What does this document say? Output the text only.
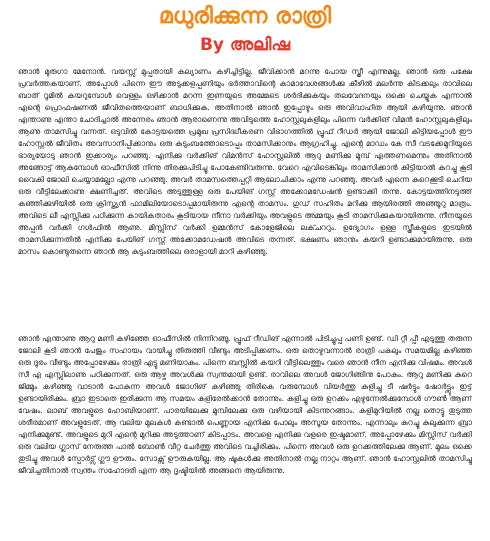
മധുരിക്കുന്ന രാത്രി
By അലിഷ

ഞാൻ മുരുഗാ മേനോൻ. വയസ്സ് മുപ്പതായി കല്യാണം കഴിച്ചിട്ടില്ല. ജീവിക്കാൻ മറന്നു പോയ സ്ത്രീ എന്നുമല്ല. ഞാൻ ഒരു പക്ഷേ പ്രവർത്തകയാണ്. അപ്പോൾ പിന്നെ ഈ അടുക്കളപ്പണിയും ഭർത്താവിന്റെ കാമാവേശങ്ങൾക്കു കീഴിൽ മലർന്നു കിടക്കലും രാവിലെ ബാത് റൂമിൽ കയറുമ്പോൾ വെള്ളം ഒഴിക്കാൻ മറന്ന ഇണയുടെ അമ്മേടെ ശർദിക്കുകയും തലവേദനയും ഒക്കെ ചെയ്യുക എന്നാൽ എന്റെ പ്രൊഫഷണൽ ജീവിതത്തെയാണ് ബാധിക്കുക. അതിനാൽ ഞാൻ ഇപ്പോഴും ഒരു അവിവാഹിത ആയി കഴിയുന്നു. ഞാൻ എന്താണു എന്താ ചോദിച്ചാൽ അന്നേരം ഞാൻ ആരാണെന്നു അവിടുത്തെ ഹോസ്റ്റലുകളിലും പിന്നെ വർക്കിങ് വിമൻ ഹോസ്റ്റലുകളിലും ആണു താമസിച്ചു വന്നത്. ഒടുവിൽ കോട്ടയത്തെ പ്രമുഖ പ്രസിദ്ധീകരണ വിഭാഗത്തിൽ പ്രൂഫ് റീഡർ ആയി ജോലി കിട്ടിയപ്പോൾ ഈ ഹോസ്റ്റൽ ജീവിതം അവസാനിപ്പിക്കാനും ഒരു കുടുംബത്തോടൊപ്പം താമസിക്കാനും ആഗ്രഹിച്ചു. എന്റെ മാഡം കേ സീ വടക്കേമുറിയുടെ ഭാര്യയോടു ഞാൻ ഇക്കാര്യം പറഞ്ഞു. എനിക്കു വർക്കിങ് വിമൻസ് ഹോസ്റ്റലിൽ ആറു മണിക്കു മുമ്പ് എത്തണമെന്നും അതിനാൽ അങ്ങോട്ട് ആകുമ്പോൾ ഓഫീസിൽ നിന്നു തിരക്കുപിടിച്ചു പോകേണ്ടിവരുന്നു. വേറെ എവിടെങ്കിലും താമസിക്കാൻ കിട്ടിയാൽ കുറച്ചു കൂടി വൈകി ജോലി ചെയ്യാമല്ലോ എന്നു പറഞ്ഞു. അവർ താമസത്തെപ്പറ്റി ആലോചിക്കാം എന്നു പറഞ്ഞു. അവർ എന്നെ കുറെക്കൂടി ചെറിയ ഒരു വീട്ടിലേക്കാണു ക്ഷണിച്ചത്. അവിടെ അടുത്തുള്ള ഒരു പേയിങ് ഗസ്റ്റ് അക്കോമഡേഷൻ ഉണ്ടാക്കി തന്നു. കോട്ടയത്തിനടുത്ത് കഞ്ഞിക്കുഴിയിൽ ഒരു ക്രിസ്ത്യൻ ഫാമിലിയോടൊപ്പമായിരുന്നു എന്റെ താമസം. ഗുഡ് സഹിതം മറിക്കു ആയിരത്തി അഞ്ഞൂറു മാത്രം. അവിടെ ലീ എസ്സിക്കു പഠിക്കുന്ന കായികതാരം കൂടിയായ നീനാ വർക്കിയും അവളുടെ അമ്മയും കൂടി താമസിക്കുകയായിരുന്നു. നീനയുടെ അപ്പൻ വർക്കി ഗൾഫിൽ ആണു. മിസ്സിസ് വർക്കി ഉമ്മൻസ് കോളേജിലെ ലക്ചററും. ഉദ്യോഗം ഉള്ള സ്ത്രീകളുടെ ഇടയിൽ താമസിക്കുന്നതിൽ എനിക്കു പേയിങ് ഗസ്റ്റ് അക്കോമഡേഷൻ അവിടെ തന്നത്. ഭക്ഷണം ഞാനും കയറി ഉണ്ടാക്കുമായിരുന്നു. ഒരു മാസം കൊണ്ടുതന്നെ ഞാൻ ആ കുടുംബത്തിലെ ഒരാളായി മാറി കഴിഞ്ഞു.

ഞാൻ എന്താണു ആറു മണി കഴിഞ്ഞേ ഓഫീസിൽ നിന്നിറങ്ങൂ. പ്രൂഫ് റീഡിങ് എന്നാൽ പിടിച്ചുപ്പ പണി ഉണ്ട്. ഡി റ്റീ പ്പീ എടുത്തു തരുന്ന ജോലി കൂടി ഞാൻ പേജും സഹായം വായിച്ചു തിരുത്തി വീണ്ടും അടിപ്പിക്കണം. ഒരു തൊഴുവന്നാൽ രാത്രി പകലും സമയമില്ല കഴിഞ്ഞ ഒരു ദൂരം വീണ്ടും അപ്പോഴേക്കും രാത്രി എട്ടു മണിയാകും. പിന്നെ ബസ്സിൽ കയറി വീട്ടിലെത്തും വരെ ഞാൻ നീന എനിക്കു വിഷമം. അവൾ സീ എ എസ്സിലാണു പഠിക്കുന്നത്. ഒരു ആഴ്ച അവൾക്കു സ്വന്തമായി ഉണ്ട്. രാവിലെ അവൾ ജോഗിങ്ങിനു പോകും. ആറു മണിക്കു കുറെ ജിമ്മും കഴിഞ്ഞു വാടാൻ പോകുന്ന അവൾ ജോഗിങ് കഴിഞ്ഞു തിരികെ വരുമ്പോൾ വിയർത്തു കുളിച്ചു ടീ ഷർട്ടും ഷോർട്ട്സും ഇട്ട് ഉണ്ടായിരിക്കും. ബ്രാ ഇടാതെ ഇരിക്കുന്ന ആ സമയം കുളിരേൽക്കാൻ തോന്നും. കുളിച്ചു ഒരു ഉറക്കം എഴുന്നേൽക്കുമ്പോൾ ഗൗൺ ആണ് വേഷം. ലാബ് അവളുടെ ഹോബിയാണ്. പാരയിലേക്കു മുമ്പിലേക്കു ഒരു വഴിയായി കിടന്നുറങ്ങാം. കുളിമുറിയിൽ നല്ല തൊട്ടു തുടുത്ത ശരീരമാണ് അവളുടേത്. ആ വലിയ മുലകൾ കണ്ടാൽ പെണ്ണായ എനിക്കു പോലും അസൂയ തോന്നും. എന്നാലും കുറച്ചു കുലുക്കുന്ന ബ്രാ എനിക്കുമുണ്ട്. അവളുടെ മുറി എന്റെ മുറിക്കു അടുത്താണ് കിടപ്പാടം. അവളെ എനിക്കു വളരെ ഇഷ്ടമാണ്. അപ്പോഴേക്കും മിസ്സിസ് വർക്കി ഒരു വലിയ ഗ്ലാസ് നേരുത്ത പാൽ ബോൺ വീറ്റ ചേർത്തു അവിടെ വച്ചിരിക്കും. പിന്നെ അവൾ ഒരു ഉറക്കത്തിലേക്കു ആണ്. മുലം ഒക്കെ തുടിച്ചു അവൾ സ്പോർട്സ് ഗ്ലൗ ഊരും. സോക്സ് ഊരുകയില്ല. ആ ഷൂകൾക്കു അതിനാൽ നല്ല നാറ്റം ആണ്. ഞാൻ ഹോസ്റ്റലിൽ താമസിച്ചു ജീവിച്ചതിനാൽ സ്വന്തം സഹോദരി എന്ന ആ ദൃഷ്ടിയിൽ അങ്ങനെ ആയിരുന്നു.
